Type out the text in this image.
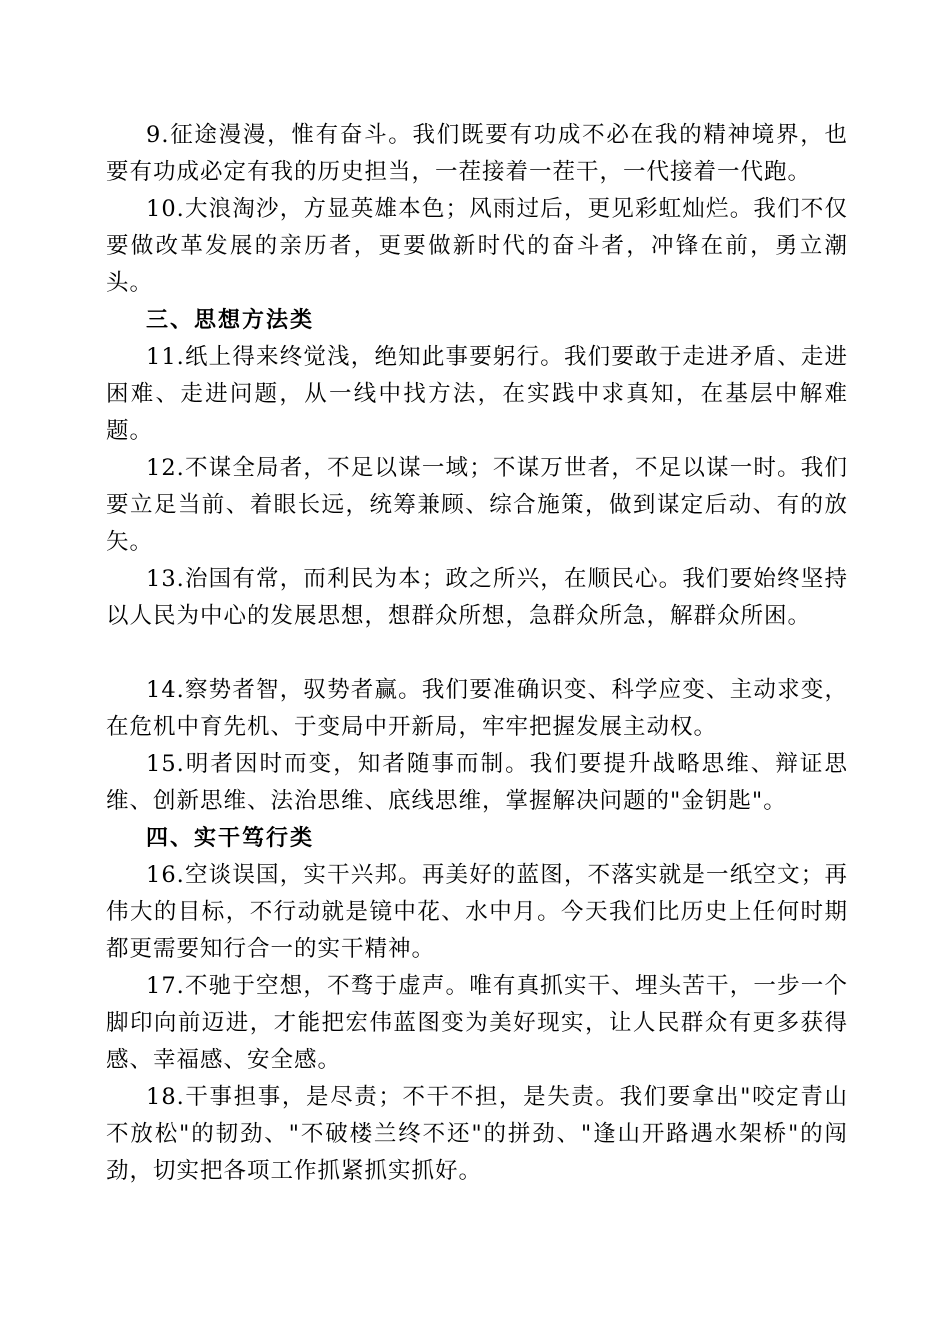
9.征途漫漫，惟有奋斗。我们既要有功成不必在我的精神境界，也要有功成必定有我的历史担当，一茬接着一茬干，一代接着一代跑。

10.大浪淘沙，方显英雄本色；风雨过后，更见彩虹灿烂。我们不仅要做改革发展的亲历者，更要做新时代的奋斗者，冲锋在前，勇立潮头。

三、思想方法类

11.纸上得来终觉浅，绝知此事要躬行。我们要敢于走进矛盾、走进困难、走进问题，从一线中找方法，在实践中求真知，在基层中解难题。

12.不谋全局者，不足以谋一域；不谋万世者，不足以谋一时。我们要立足当前、着眼长远，统筹兼顾、综合施策，做到谋定后动、有的放矢。

13.治国有常，而利民为本；政之所兴，在顺民心。我们要始终坚持以人民为中心的发展思想，想群众所想，急群众所急，解群众所困。

14.察势者智，驭势者赢。我们要准确识变、科学应变、主动求变，在危机中育先机、于变局中开新局，牢牢把握发展主动权。

15.明者因时而变，知者随事而制。我们要提升战略思维、辩证思维、创新思维、法治思维、底线思维，掌握解决问题的"金钥匙"。

四、实干笃行类

16.空谈误国，实干兴邦。再美好的蓝图，不落实就是一纸空文；再伟大的目标，不行动就是镜中花、水中月。今天我们比历史上任何时期都更需要知行合一的实干精神。

17.不驰于空想，不骛于虚声。唯有真抓实干、埋头苦干，一步一个脚印向前迈进，才能把宏伟蓝图变为美好现实，让人民群众有更多获得感、幸福感、安全感。

18.干事担事，是尽责；不干不担，是失责。我们要拿出"咬定青山不放松"的韧劲、"不破楼兰终不还"的拼劲、"逢山开路遇水架桥"的闯劲，切实把各项工作抓紧抓实抓好。
